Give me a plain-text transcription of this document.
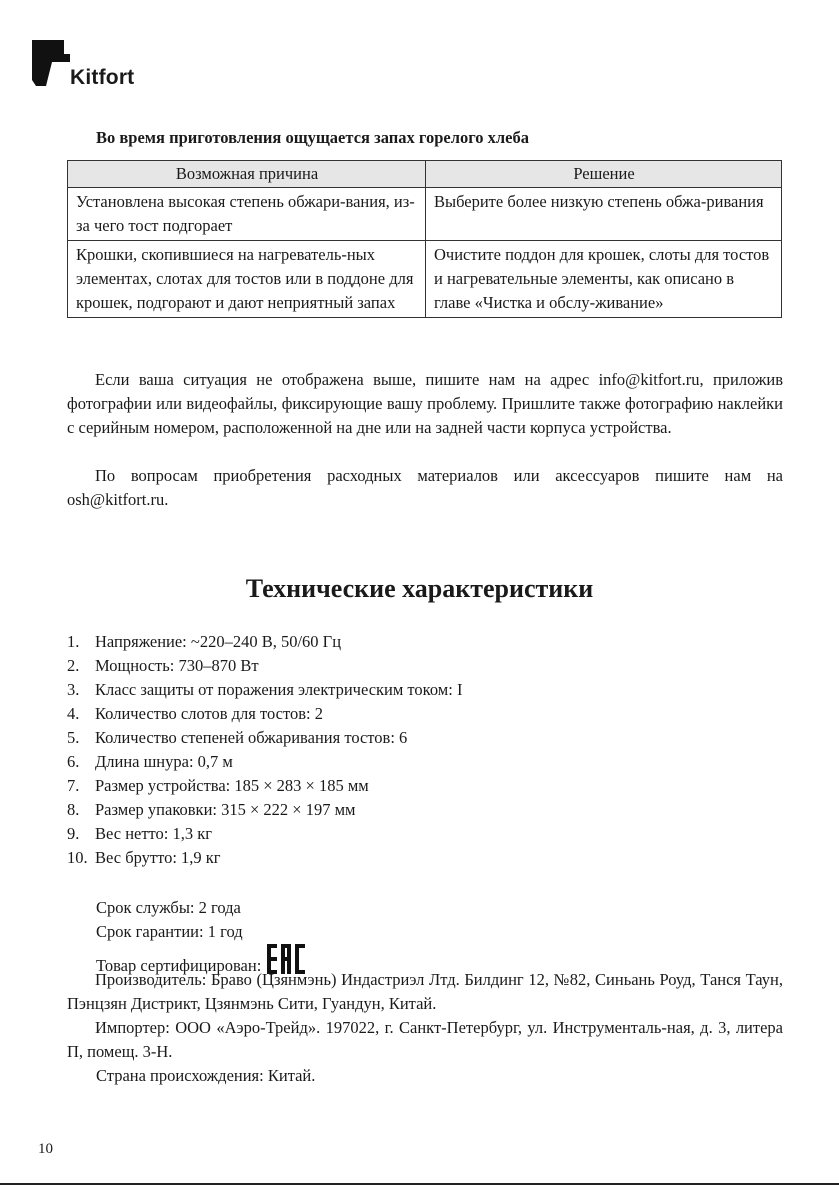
Kitfort
Во время приготовления ощущается запах горелого хлеба
Возможная причина	Решение
Установлена высокая степень обжари-вания, из-за чего тост подгорает	Выберите более низкую степень обжа-ривания
Крошки, скопившиеся на нагреватель-ных элементах, слотах для тостов или в поддоне для крошек, подгорают и дают неприятный запах	Очистите поддон для крошек, слоты для тостов и нагревательные элементы, как описано в главе «Чистка и обслу-живание»
Если ваша ситуация не отображена выше, пишите нам на адрес info@kitfort.ru, приложив фотографии или видеофайлы, фиксирующие вашу проблему. Пришлите также фотографию наклейки с серийным номером, расположенной на дне или на задней части корпуса устройства.
По вопросам приобретения расходных материалов или аксессуаров пишите нам на osh@kitfort.ru.
Технические характеристики
1. Напряжение: ~220–240 В, 50/60 Гц
2. Мощность: 730–870 Вт
3. Класс защиты от поражения электрическим током: I
4. Количество слотов для тостов: 2
5. Количество степеней обжаривания тостов: 6
6. Длина шнура: 0,7 м
7. Размер устройства: 185 × 283 × 185 мм
8. Размер упаковки: 315 × 222 × 197 мм
9. Вес нетто: 1,3 кг
10. Вес брутто: 1,9 кг
Срок службы: 2 года
Срок гарантии: 1 год
Товар сертифицирован:
Производитель: Браво (Цзянмэнь) Индастриэл Лтд. Билдинг 12, №82, Синьань Роуд, Танся Таун, Пэнцзян Дистрикт, Цзянмэнь Сити, Гуандун, Китай.
Импортер: ООО «Аэро-Трейд». 197022, г. Санкт-Петербург, ул. Инструменталь-ная, д. 3, литера П, помещ. 3-Н.
Страна происхождения: Китай.
10
